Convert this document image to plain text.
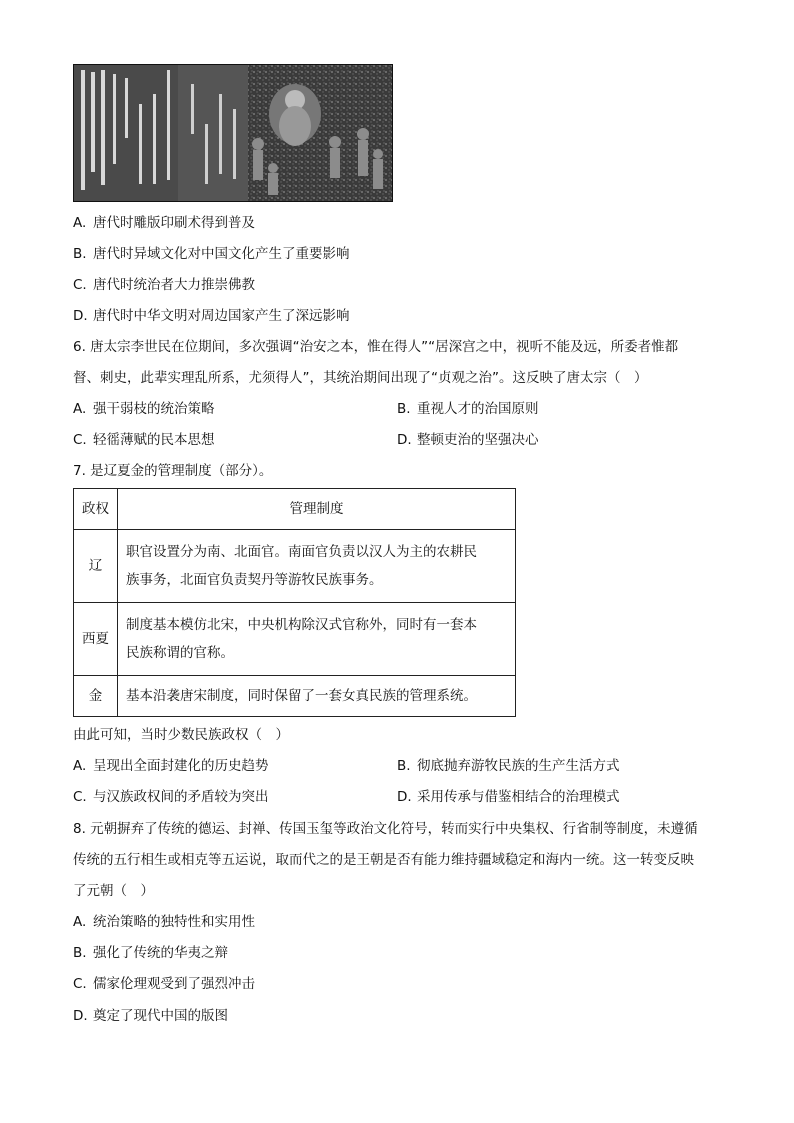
A. 唐代时雕版印刷术得到普及
B. 唐代时异域文化对中国文化产生了重要影响
C. 唐代时统治者大力推崇佛教
D. 唐代时中华文明对周边国家产生了深远影响
6. 唐太宗李世民在位期间，多次强调“治安之本，惟在得人”“居深宫之中，视听不能及远，所委者惟都
督、刺史，此辈实理乱所系，尤须得人”，其统治期间出现了“贞观之治”。这反映了唐太宗（　）
A. 强干弱枝的统治策略	B. 重视人才的治国原则
C. 轻徭薄赋的民本思想	D. 整顿吏治的坚强决心
7. 是辽夏金的管理制度（部分）。
政权	管理制度
辽	职官设置分为南、北面官。南面官负责以汉人为主的农耕民
族事务，北面官负责契丹等游牧民族事务。

西夏	制度基本模仿北宋，中央机构除汉式官称外，同时有一套本
民族称谓的官称。

金	基本沿袭唐宋制度，同时保留了一套女真民族的管理系统。
由此可知，当时少数民族政权（　）
A. 呈现出全面封建化的历史趋势	B. 彻底抛弃游牧民族的生产生活方式
C. 与汉族政权间的矛盾较为突出	D. 采用传承与借鉴相结合的治理模式
8. 元朝摒弃了传统的德运、封禅、传国玉玺等政治文化符号，转而实行中央集权、行省制等制度，未遵循
传统的五行相生或相克等五运说，取而代之的是王朝是否有能力维持疆域稳定和海内一统。这一转变反映
了元朝（　）
A. 统治策略的独特性和实用性
B. 强化了传统的华夷之辩
C. 儒家伦理观受到了强烈冲击
D. 奠定了现代中国的版图
